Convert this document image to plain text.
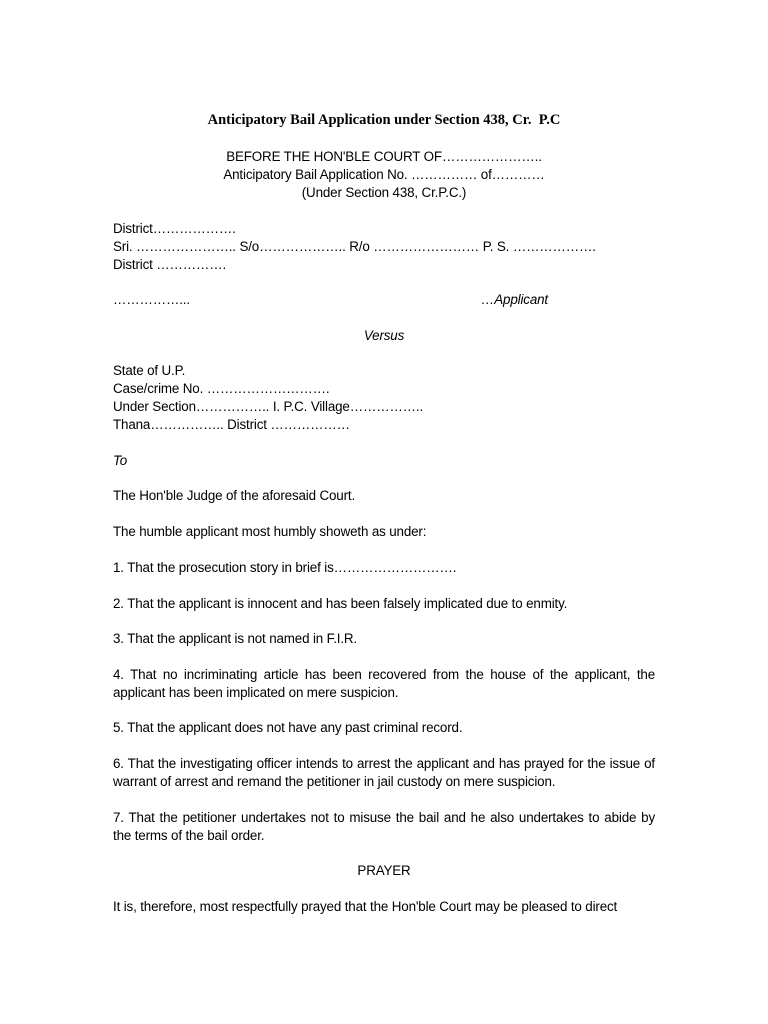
Anticipatory Bail Application under Section 438, Cr.  P.C
BEFORE THE HON'BLE COURT OF…………………..
Anticipatory Bail Application No. …………… of…………
(Under Section 438, Cr.P.C.)
District……………….
Sri. ………………….. S/o……………….. R/o …………………… P. S. ……………….
District …………….
……………...	…Applicant
Versus
State of U.P.
Case/crime No. ……………………….
Under Section…………….. I. P.C. Village……………..
Thana…………….. District ………………
To
The Hon'ble Judge of the aforesaid Court.
The humble applicant most humbly showeth as under:
1. That the prosecution story in brief is……………………….
2. That the applicant is innocent and has been falsely implicated due to enmity.
3. That the applicant is not named in F.I.R.
4. That no incriminating article has been recovered from the house of the applicant, the applicant has been implicated on mere suspicion.
5. That the applicant does not have any past criminal record.
6. That the investigating officer intends to arrest the applicant and has prayed for the issue of warrant of arrest and remand the petitioner in jail custody on mere suspicion.
7. That the petitioner undertakes not to misuse the bail and he also undertakes to abide by the terms of the bail order.
PRAYER
It is, therefore, most respectfully prayed that the Hon'ble Court may be pleased to direct
